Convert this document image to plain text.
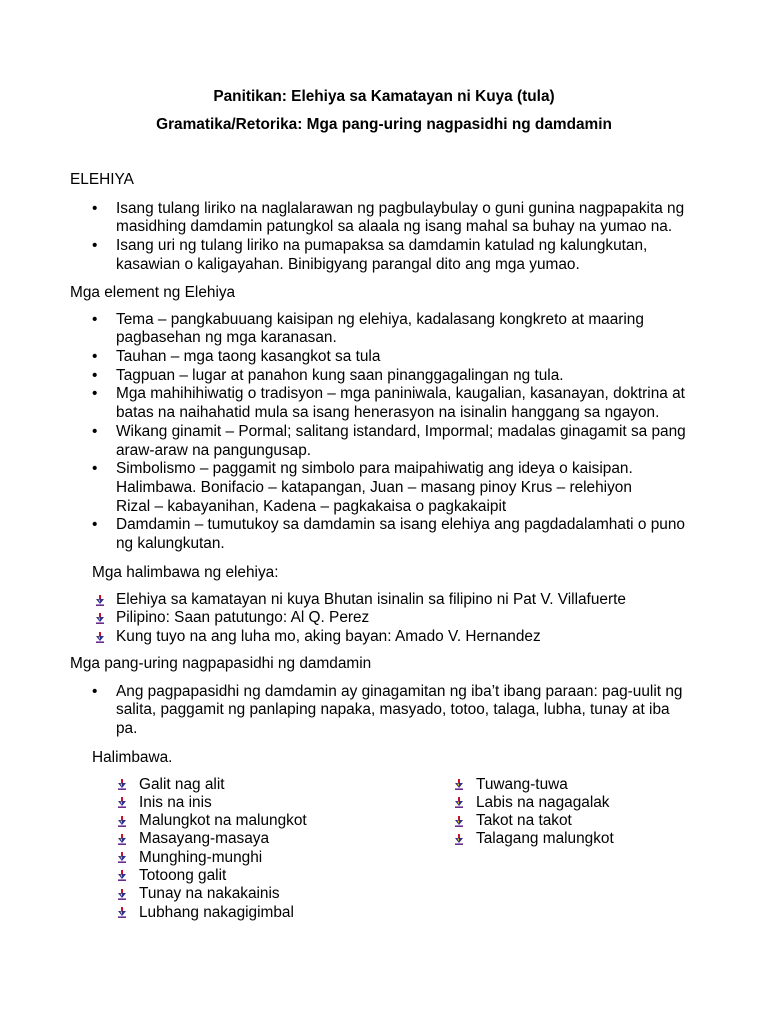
Panitikan: Elehiya sa Kamatayan ni Kuya (tula)
Gramatika/Retorika: Mga pang-uring nagpasidhi ng damdamin
ELEHIYA
•
Isang tulang liriko na naglalarawan ng pagbulaybulay o guni gunina nagpapakita ng
masidhing damdamin patungkol sa alaala ng isang mahal sa buhay na yumao na.
•
Isang uri ng tulang liriko na pumapaksa sa damdamin katulad ng kalungkutan,
kasawian o kaligayahan. Binibigyang parangal dito ang mga yumao.
Mga element ng Elehiya
•
Tema – pangkabuuang kaisipan ng elehiya, kadalasang kongkreto at maaring
pagbasehan ng mga karanasan.
•
Tauhan – mga taong kasangkot sa tula
•
Tagpuan – lugar at panahon kung saan pinanggagalingan ng tula.
•
Mga mahihihiwatig o tradisyon – mga paniniwala, kaugalian, kasanayan, doktrina at
batas na naihahatid mula sa isang henerasyon na isinalin hanggang sa ngayon.
•
Wikang ginamit – Pormal; salitang istandard, Impormal; madalas ginagamit sa pang
araw-araw na pangungusap.
•
Simbolismo – paggamit ng simbolo para maipahiwatig ang ideya o kaisipan.
Halimbawa. Bonifacio – katapangan, Juan – masang pinoy Krus – relehiyon
Rizal – kabayanihan, Kadena – pagkakaisa o pagkakaipit
•
Damdamin – tumutukoy sa damdamin sa isang elehiya ang pagdadalamhati o puno
ng kalungkutan.
Mga halimbawa ng elehiya:
Elehiya sa kamatayan ni kuya Bhutan isinalin sa filipino ni Pat V. Villafuerte
Pilipino: Saan patutungo: Al Q. Perez
Kung tuyo na ang luha mo, aking bayan: Amado V. Hernandez
Mga pang-uring nagpapasidhi ng damdamin
•
Ang pagpapasidhi ng damdamin ay ginagamitan ng iba’t ibang paraan: pag-uulit ng
salita, paggamit ng panlaping napaka, masyado, totoo, talaga, lubha, tunay at iba
pa.
Halimbawa.
Galit nag alit
Inis na inis
Malungkot na malungkot
Masayang-masaya
Munghing-munghi
Totoong galit
Tunay na nakakainis
Lubhang nakagigimbal
Tuwang-tuwa
Labis na nagagalak
Takot na takot
Talagang malungkot
